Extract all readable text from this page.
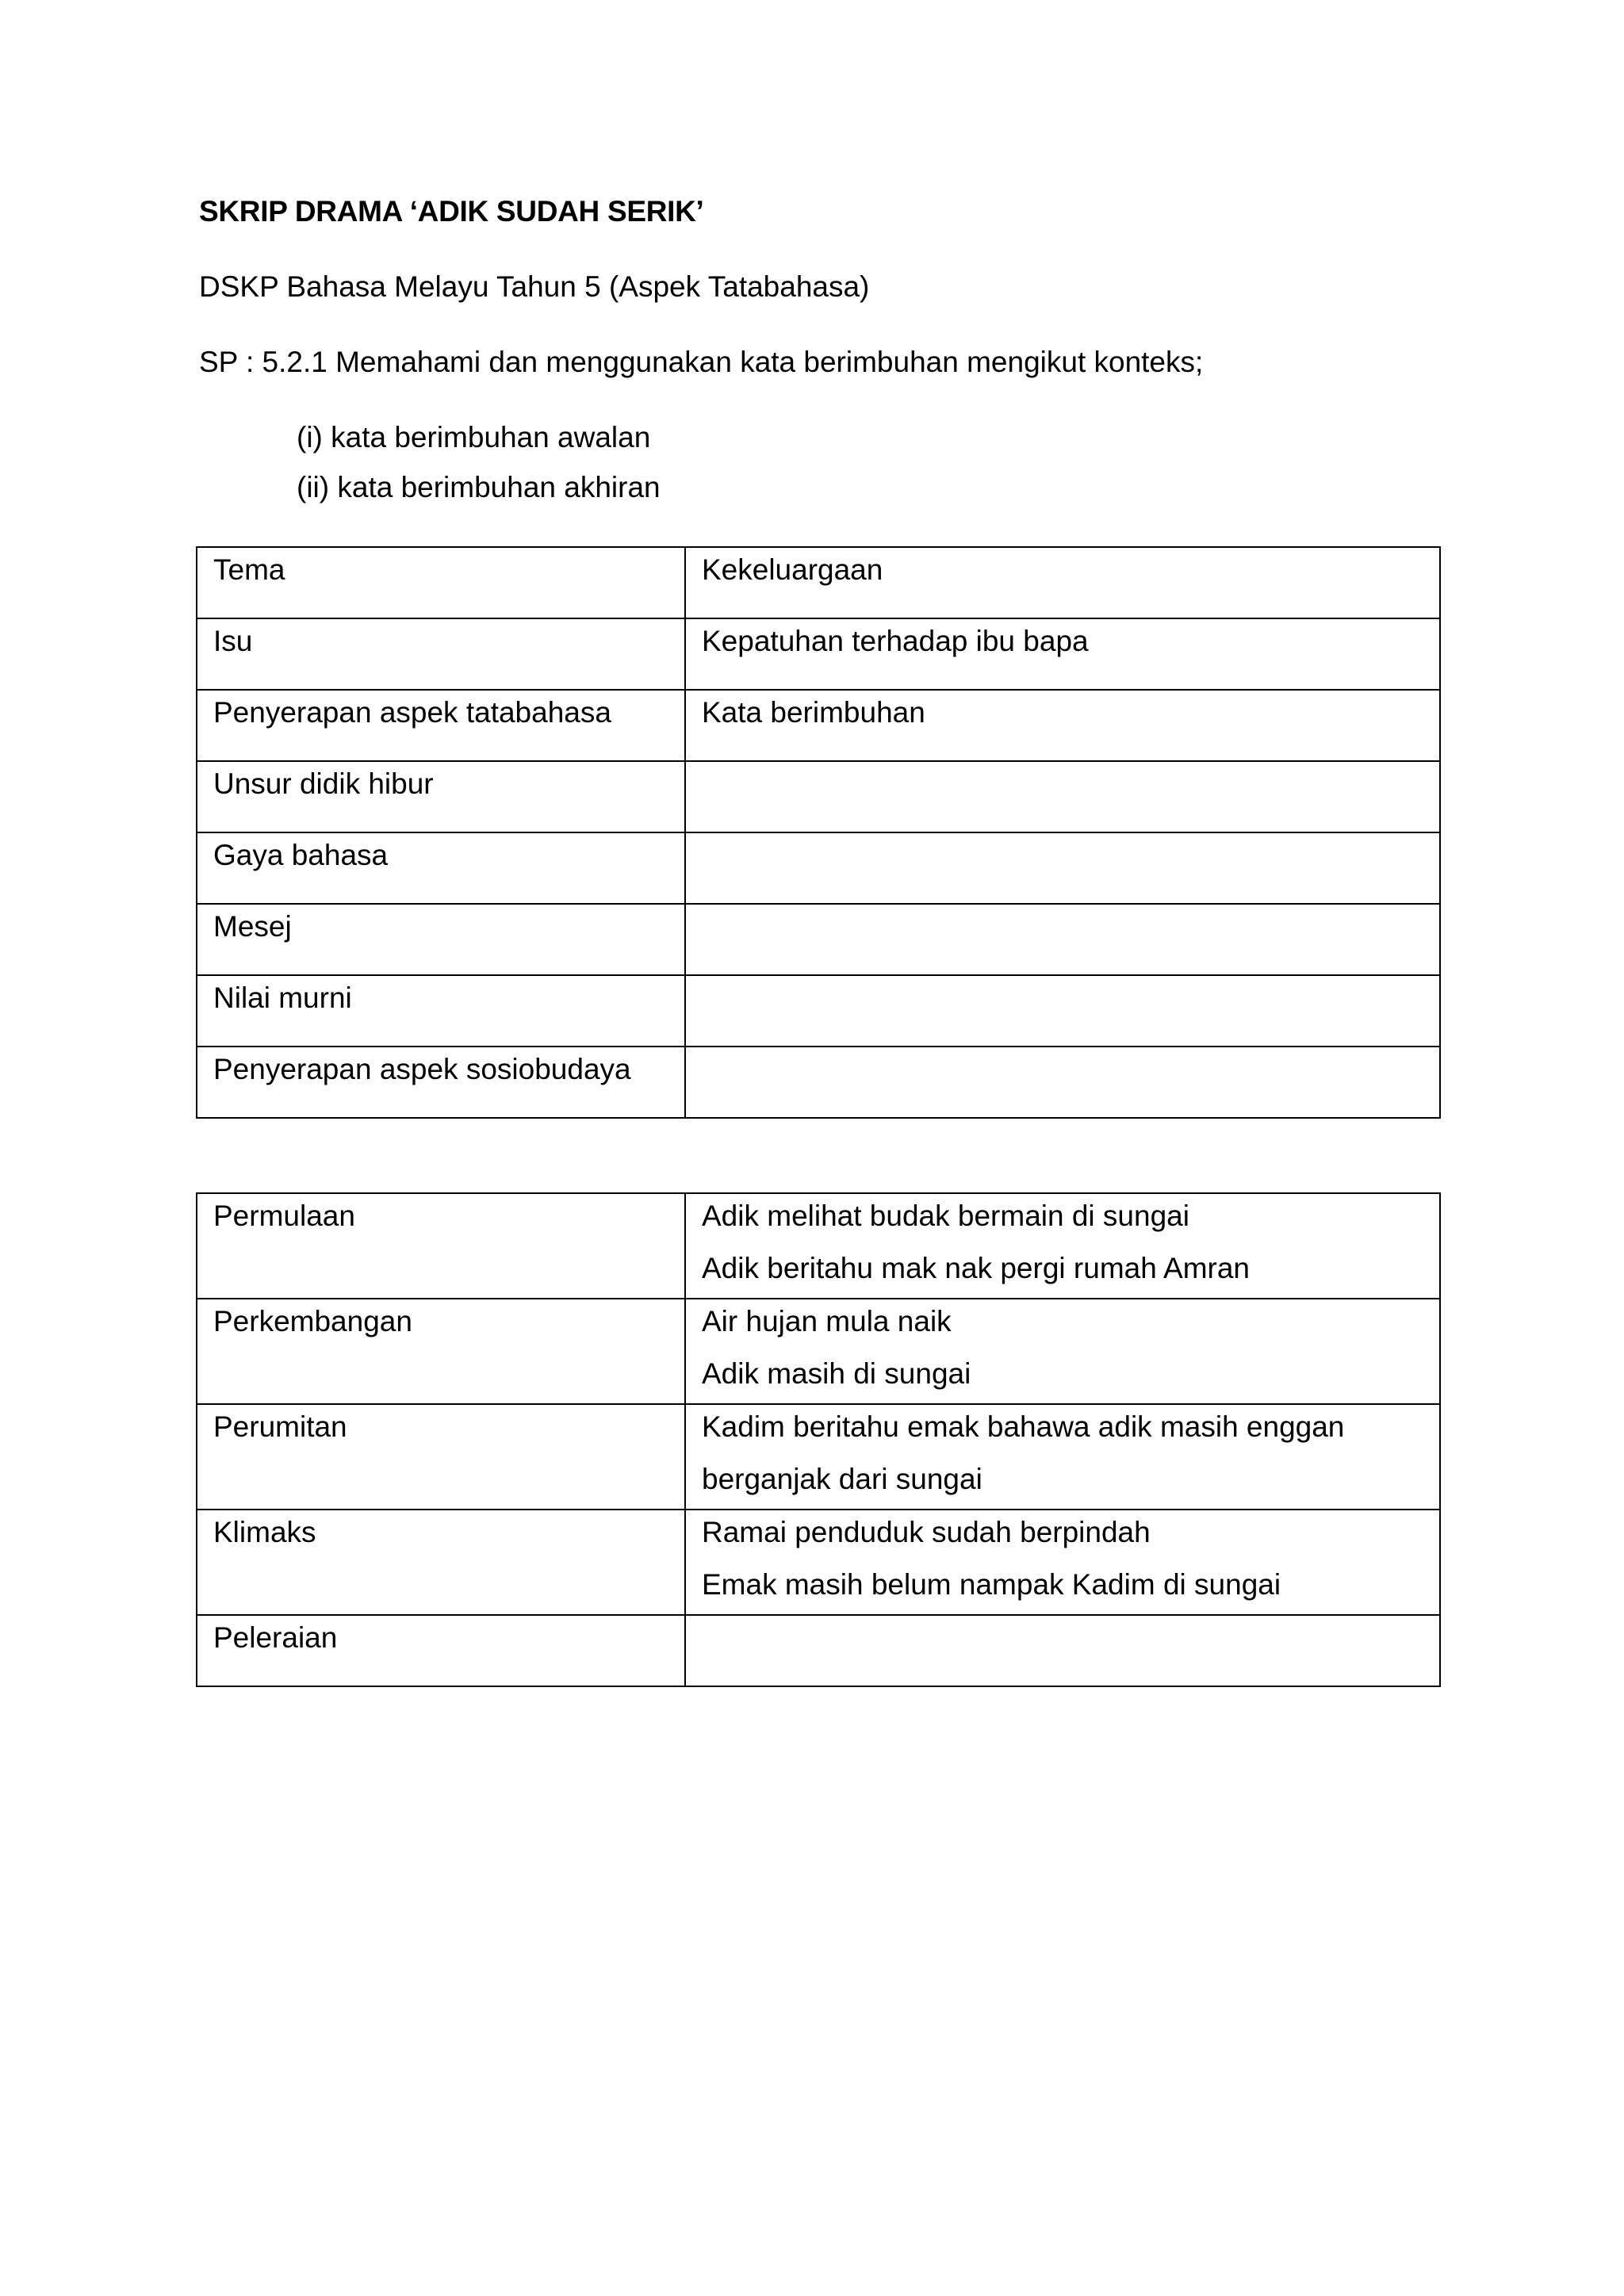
SKRIP DRAMA ‘ADIK SUDAH SERIK’
DSKP Bahasa Melayu Tahun 5 (Aspek Tatabahasa)
SP : 5.2.1 Memahami dan menggunakan kata berimbuhan mengikut konteks;
(i) kata berimbuhan awalan
(ii) kata berimbuhan akhiran
Tema	Kekeluargaan
Isu	Kepatuhan terhadap ibu bapa
Penyerapan aspek tatabahasa	Kata berimbuhan
Unsur didik hibur	
Gaya bahasa	
Mesej	
Nilai murni	
Penyerapan aspek sosiobudaya	
Permulaan	Adik melihat budak bermain di sungai
Adik beritahu mak nak pergi rumah Amran

Perkembangan	Air hujan mula naik
Adik masih di sungai

Perumitan	Kadim beritahu emak bahawa adik masih enggan
berganjak dari sungai

Klimaks	Ramai penduduk sudah berpindah
Emak masih belum nampak Kadim di sungai

Peleraian	
